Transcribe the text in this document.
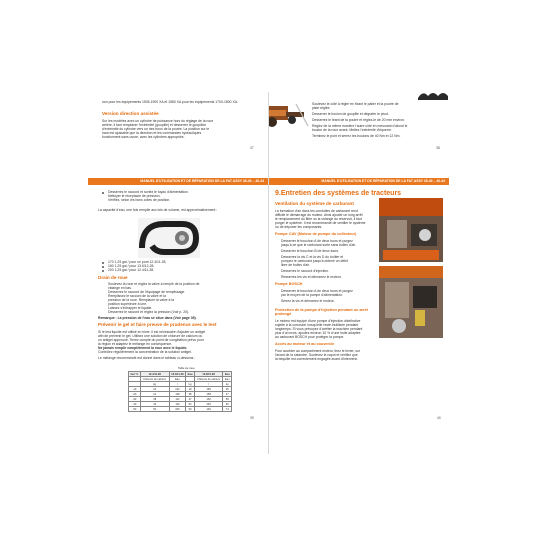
non pour les équipements 1505-1900 XA et 1580 XA pour les équipements 1700-1800 XA.
Version direction assistée
Sur les modèles avec un cylindre de puissance hors du réglage de la roue
arrière, il faut remplacer l'extrémité (goupille) et desserrer le goupillon
d'extrémité du cylindre vers un des trous de la poutre. La position sur le
haut est ajustable que la direction et les commandes hydrauliques
fonctionnent sans usure, avec les cylindres appropriés.
37
Soulevez le côté à régler en fixant le palier et la poutre de
piste réglée.
Desserrer le boulon de goupille et dégrafer le pivot.
Desserrez le tirant de la poutre et réglez-le de 20 mm environ.
Réglez de la même manière l'autre côté en mesurant d'abord le
boulon de la roue avant. Mettez l'extrémité d'équerre.
Terminez le pont et serrez les boulons de 40 Nm et 12 Nm.
38
MANUEL D'UTILISATION ET DE RÉPARATION DE LA FAT ASSY 35-40 – 40-44
Desserrez le raccord et sortez le tuyau d'alimentation.
Nettoyer le réceptacle de pression.
Vérifiez, selon les bons cotes de position.
La capacité d'eau, une fois remplie aux lois de volume, est approximativement :
A
170 1,25 gal / pour un pont 12.4/11-28,
160 1,25 gal / pour 13.6/12-28,
200 1,25 gal / pour 12.4/11-38.
Drain de roue
Soulevez la roue et réglez la valve à remplir de la position de
vidange en bas.
Desserrez le raccord de l'équipage de remplissage.
Remplissez le raccord de la valve et la
pression de la roue. Remplacer la valve à la
position supérieure à une.
Laissez s'échapper le liquide.
Desserrez le raccord et réglez la pression (Voir p. 20).
Remarque : La pression de l'eau se situe dans (Voir page 39).
Prévenir le gel et faire preuve de prudence avec le lest
Si le lest liquide est utilisé en hiver, il est nécessaire d'ajouter un antigel
afin de prévenir le gel. Utilisez une solution de chlorure de calcium ou
un antigel approuvé. Tenez compte du point de congélation prévu pour
la région et adaptez le mélange en conséquence.
Ne jamais remplir complètement la roue avec le liquide.
Contrôlez régulièrement la concentration de la solution antigel.
Le mélange recommandé est donné dans le tableau ci-dessous :
Taille de roue
Gel °C	12.4/11-28	12.4/11-28	Eau	13.6/12-28	Eau
	Chlorure de calcium	Eau		Chlorure de calcium	Eau
	kg	l	kg	l	kg
-10	24	122	29	165	36
-20	31	118	38	158	47
-30	38	113	47	152	58
-40	44	110	54	146	66
-50	50	106	60	140	74
39
MANUEL D'UTILISATION ET DE RÉPARATION DE LA FAT ASSY 35-40 – 40-44
9.Entretien des systèmes de tracteurs
Ventilation du système de carburant
La formation d'air dans les conduites de carburant rend
difficile le démarrage du moteur. Ainsi ajouter un long arrêt
le remplacement du filtre ou la vidange du réservoir, il faut
purger le système. Il est recommandé de ventiler le système
ou de déposer les composants.
Pompe CAV (Moteur de pompe du collecteur)
Desserrer le bouchon A de deux tours et purgez
jusqu'à ce que le carburant sorte sans bulles d'air.
Desserrer le bouchon B de deux tours.
Desserrez la vis C et la vis D du boîtier et
pompez le carburant jusqu'à obtenir un débit
libre de bulles d'air.
Desserrez le raccord d'injection.
Resserrez les vis et démarrez le moteur.
Pompe BOSCH
Desserrer le bouchon A de deux tours et purgez
par le moyen de la pompe d'alimentation.
Serrez la vis et démarrez le moteur.
Protection de la pompe d'injection pendant un arrêt prolongé
Le moteur est équipé d'une pompe d'injection distributive
sujette à la corrosion lorsqu'elle reste inutilisée pendant
longtemps. Si vous prévoyez d'arrêter la machine pendant
plus d'un mois, ajoutez environ 10 % d'une huile adaptée
au carburant BOSCH pour protéger la pompe.
Accès au moteur et au couvercle
Pour accéder au compartiment moteur, tirez le levier, sur
l'avant de la calandre. Soulevez le capot et vérifiez que
la béquille est correctement engagée avant d'intervenir.
40
